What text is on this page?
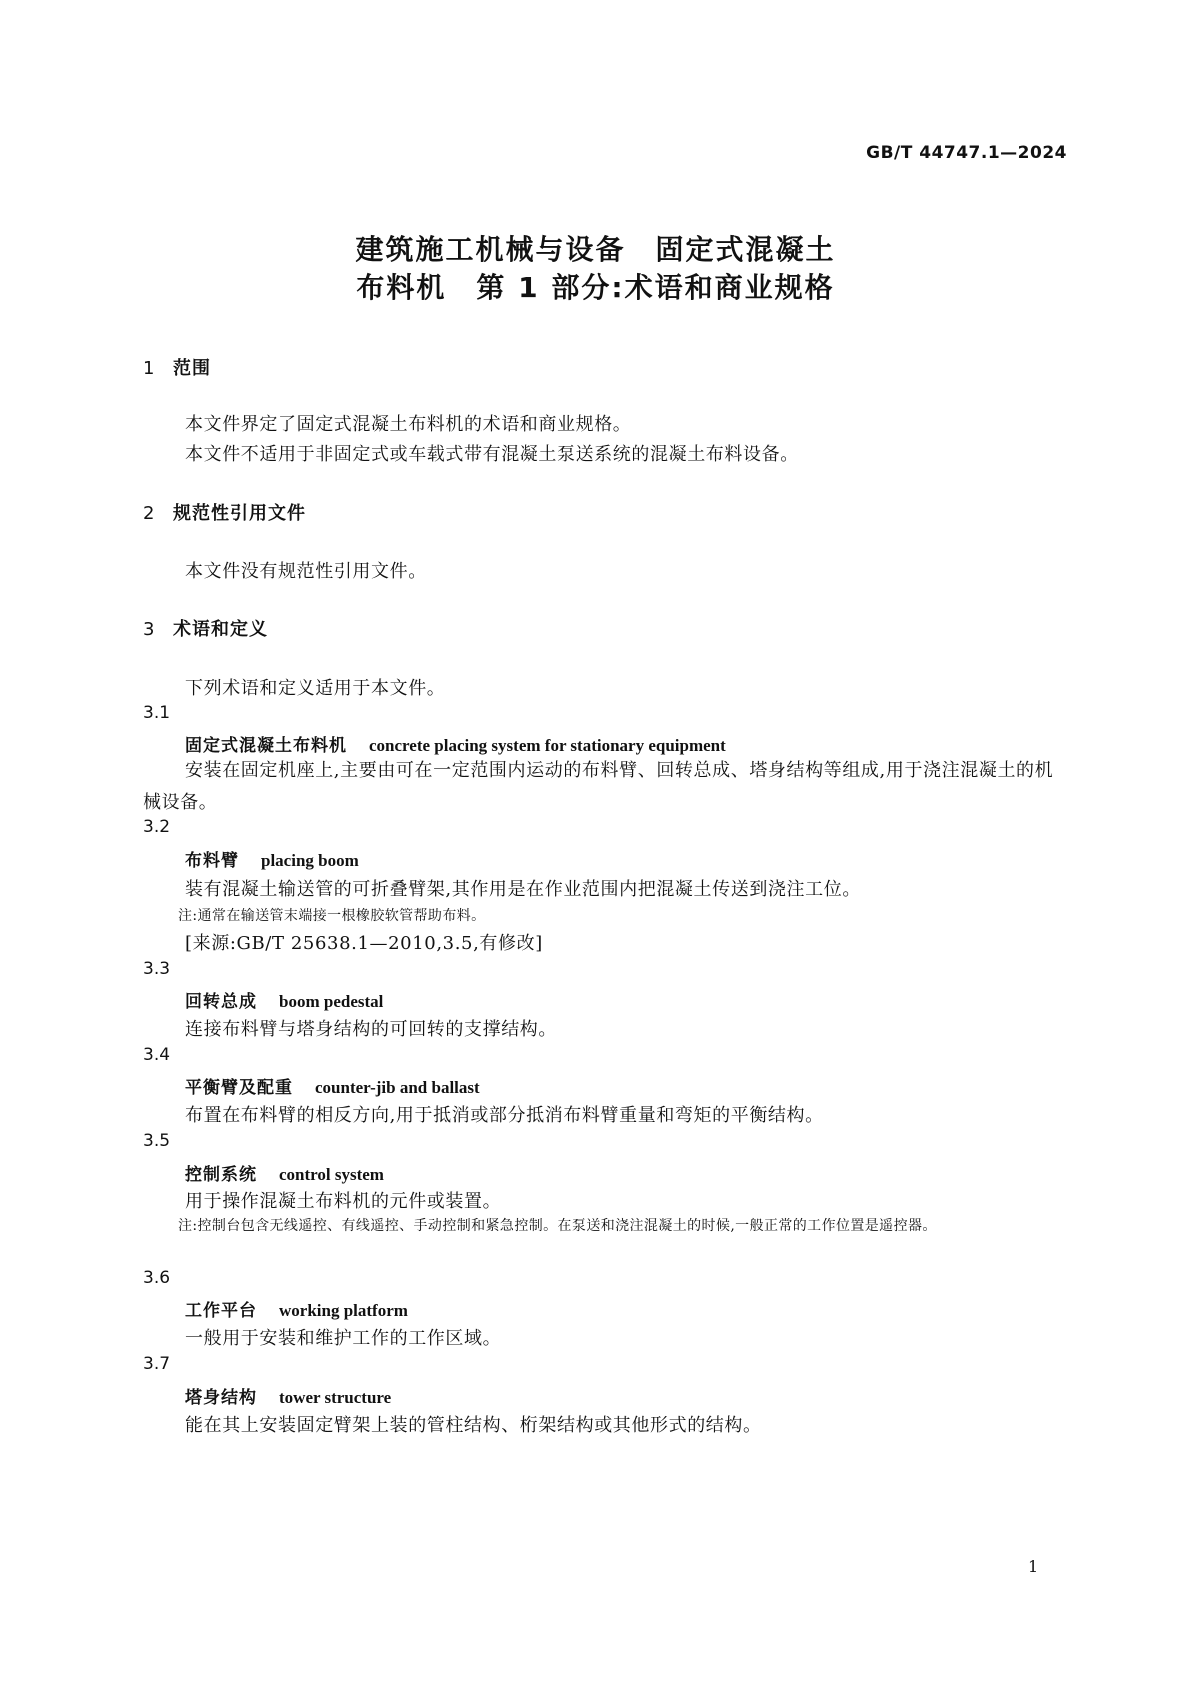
GB/T 44747.1—2024
建筑施工机械与设备　固定式混凝土
布料机　第 1 部分:术语和商业规格
1 范围
本文件界定了固定式混凝土布料机的术语和商业规格。
本文件不适用于非固定式或车载式带有混凝土泵送系统的混凝土布料设备。
2 规范性引用文件
本文件没有规范性引用文件。
3 术语和定义
下列术语和定义适用于本文件。
3.1
固定式混凝土布料机 concrete placing system for stationary equipment
安装在固定机座上,主要由可在一定范围内运动的布料臂、回转总成、塔身结构等组成,用于浇注混凝土的机械设备。
3.2
布料臂 placing boom
装有混凝土输送管的可折叠臂架,其作用是在作业范围内把混凝土传送到浇注工位。
注:通常在输送管末端接一根橡胶软管帮助布料。
[来源:GB/T 25638.1—2010,3.5,有修改]
3.3
回转总成 boom pedestal
连接布料臂与塔身结构的可回转的支撑结构。
3.4
平衡臂及配重 counter-jib and ballast
布置在布料臂的相反方向,用于抵消或部分抵消布料臂重量和弯矩的平衡结构。
3.5
控制系统 control system
用于操作混凝土布料机的元件或装置。
注:控制台包含无线遥控、有线遥控、手动控制和紧急控制。在泵送和浇注混凝土的时候,一般正常的工作位置是遥控器。
3.6
工作平台 working platform
一般用于安装和维护工作的工作区域。
3.7
塔身结构 tower structure
能在其上安装固定臂架上装的管柱结构、桁架结构或其他形式的结构。
1
